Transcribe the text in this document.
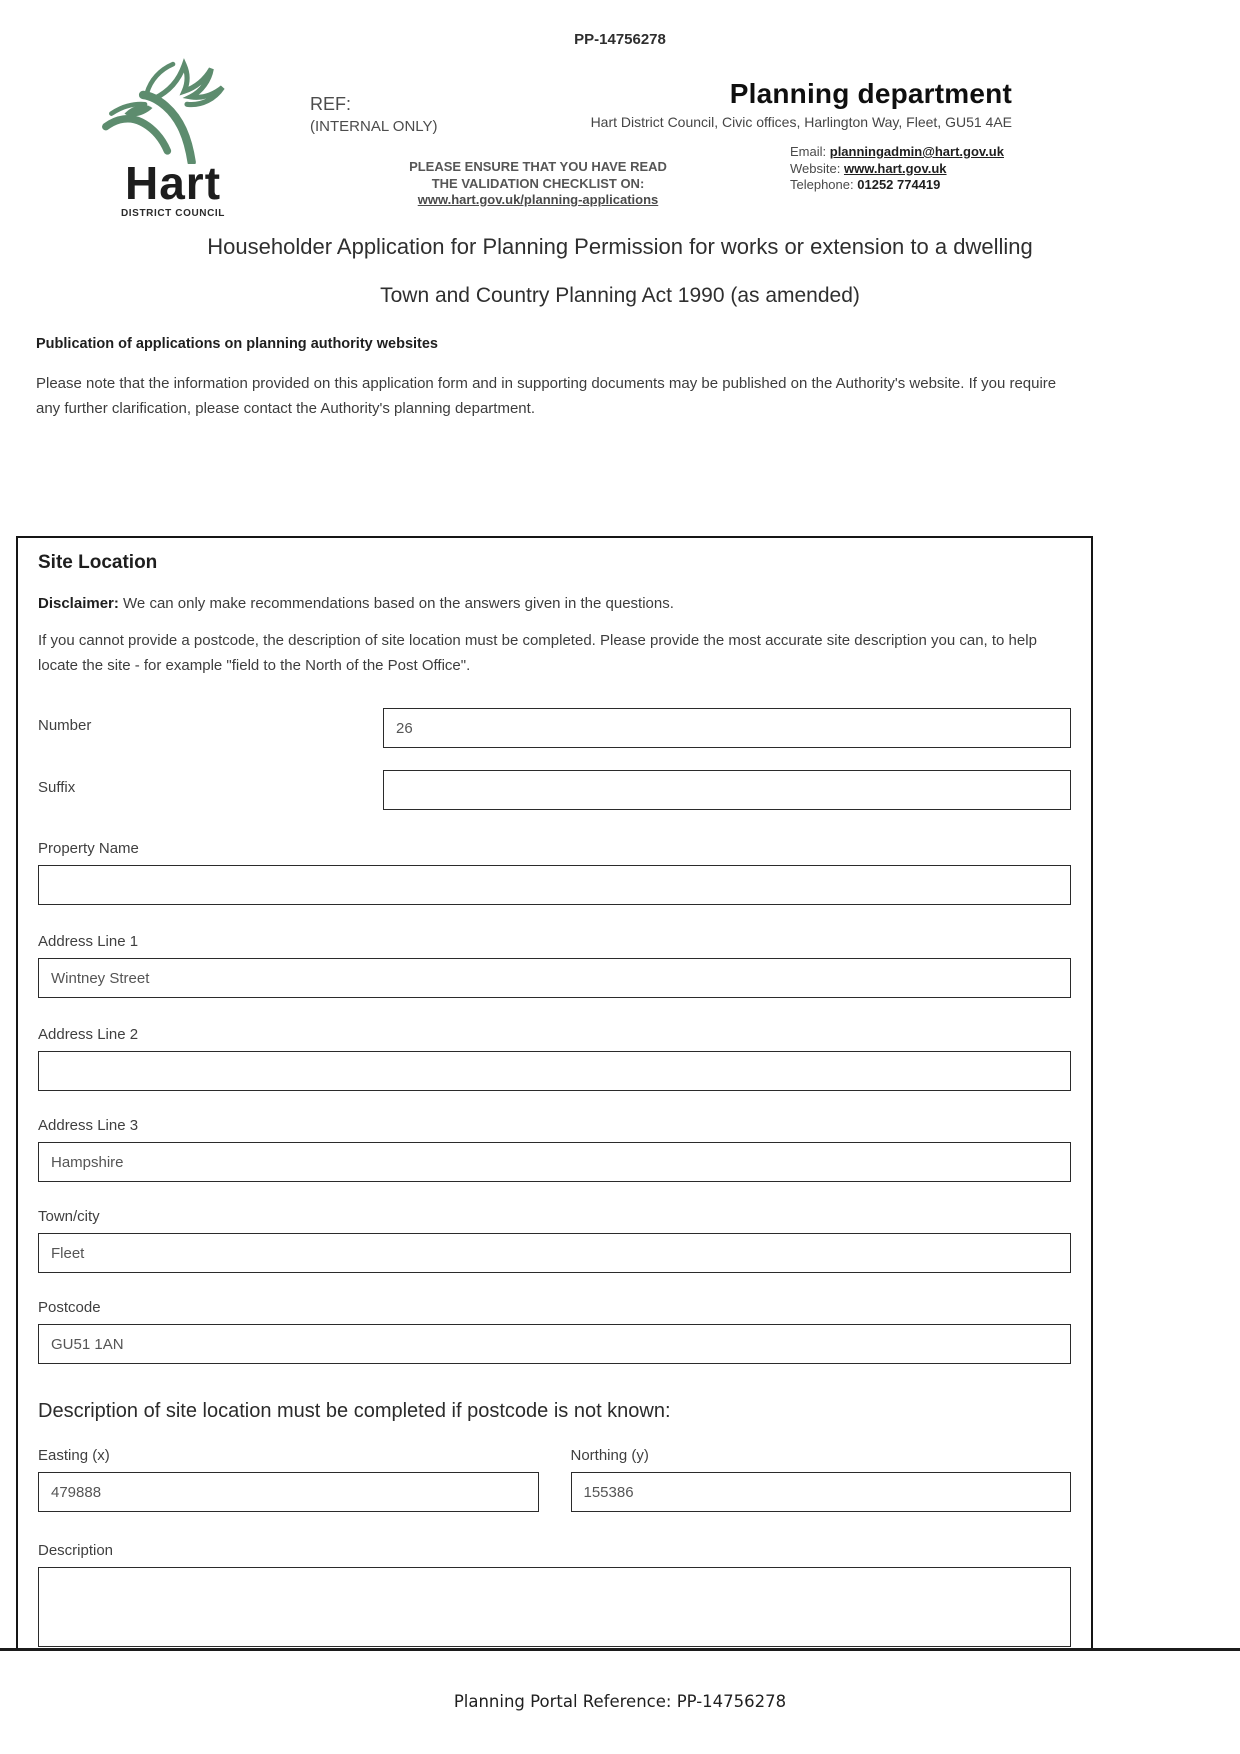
PP-14756278
Hart
DISTRICT COUNCIL
REF:
(INTERNAL ONLY)
Planning department
Hart District Council, Civic offices, Harlington Way, Fleet, GU51 4AE
Email: planningadmin@hart.gov.uk
Website: www.hart.gov.uk
Telephone: 01252 774419
PLEASE ENSURE THAT YOU HAVE READ
THE VALIDATION CHECKLIST ON:
www.hart.gov.uk/planning-applications
Householder Application for Planning Permission for works or extension to a dwelling
Town and Country Planning Act 1990 (as amended)
Publication of applications on planning authority websites
Please note that the information provided on this application form and in supporting documents may be published on the Authority's website. If you require any further clarification, please contact the Authority's planning department.
Site Location
Disclaimer: We can only make recommendations based on the answers given in the questions.
If you cannot provide a postcode, the description of site location must be completed. Please provide the most accurate site description you can, to help locate the site - for example "field to the North of the Post Office".
Number
26
Suffix
Property Name
Address Line 1
Wintney Street
Address Line 2
Address Line 3
Hampshire
Town/city
Fleet
Postcode
GU51 1AN
Description of site location must be completed if postcode is not known:
Easting (x)
479888	Northing (y)
155386
Description
Planning Portal Reference: PP-14756278
